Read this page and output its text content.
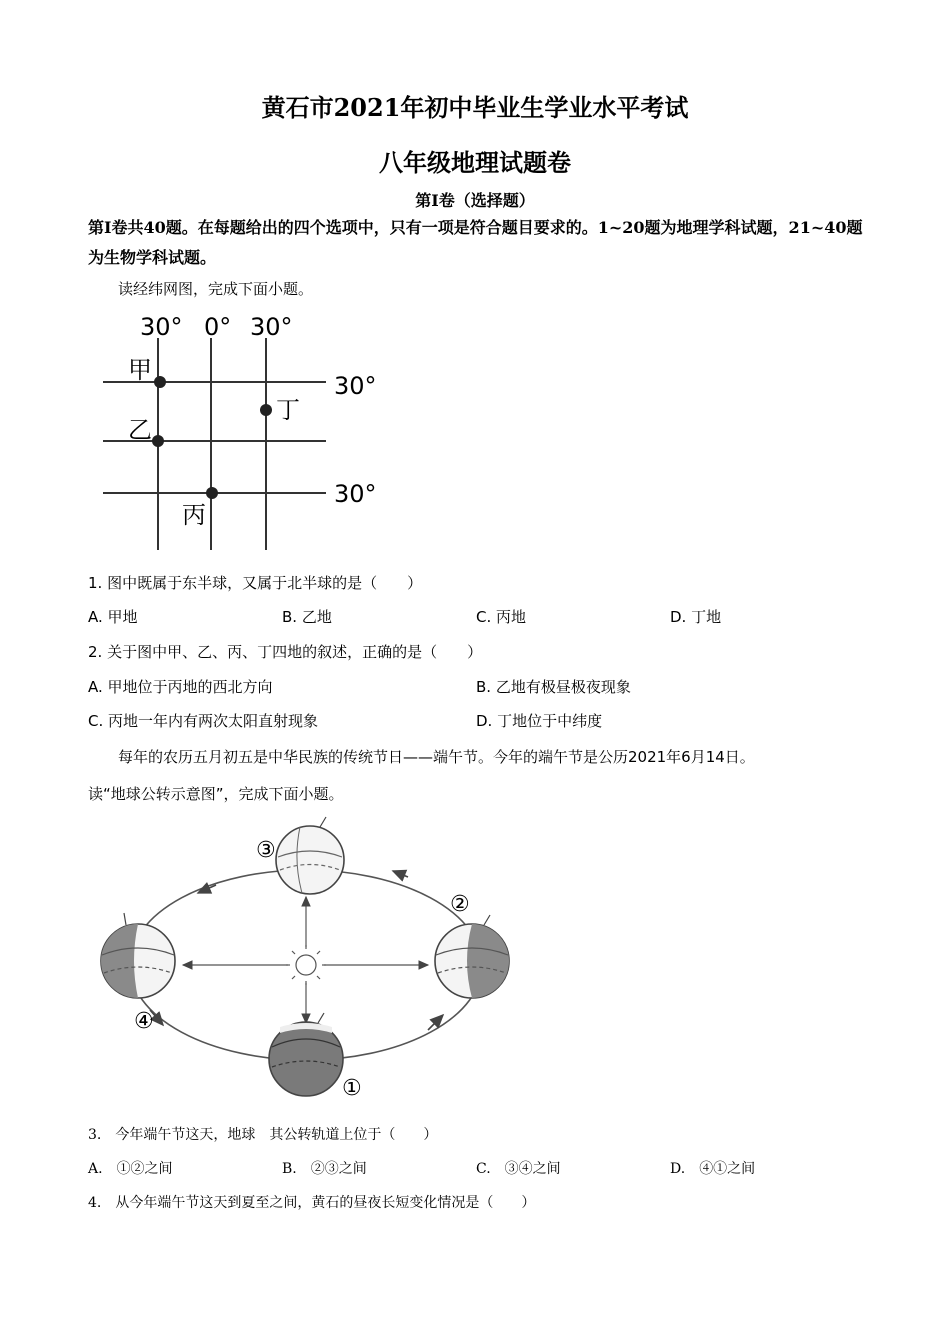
黄石市2021年初中毕业生学业水平考试
八年级地理试题卷
第I卷（选择题）
第I卷共40题。在每题给出的四个选项中，只有一项是符合题目要求的。1~20题为地理学科试题，21~40题为生物学科试题。
读经纬网图，完成下面小题。
30° 0° 30°
30°
30°
甲
乙
丙
丁
1. 图中既属于东半球，又属于北半球的是（　　）
A. 甲地	B. 乙地	C. 丙地	D. 丁地
2. 关于图中甲、乙、丙、丁四地的叙述，正确的是（　　）
A. 甲地位于丙地的西北方向	B. 乙地有极昼极夜现象
C. 丙地一年内有两次太阳直射现象	D. 丁地位于中纬度
每年的农历五月初五是中华民族的传统节日——端午节。今年的端午节是公历2021年6月14日。
读“地球公转示意图”，完成下面小题。
③
②
④
①
3.　今年端午节这天，地球　其公转轨道上位于（　　）
A.　 ①②之间	B.　 ②③之间	C.　 ③④之间	D.　 ④①之间
4.　从今年端午节这天到夏至之间，黄石的昼夜长短变化情况是（　　）
